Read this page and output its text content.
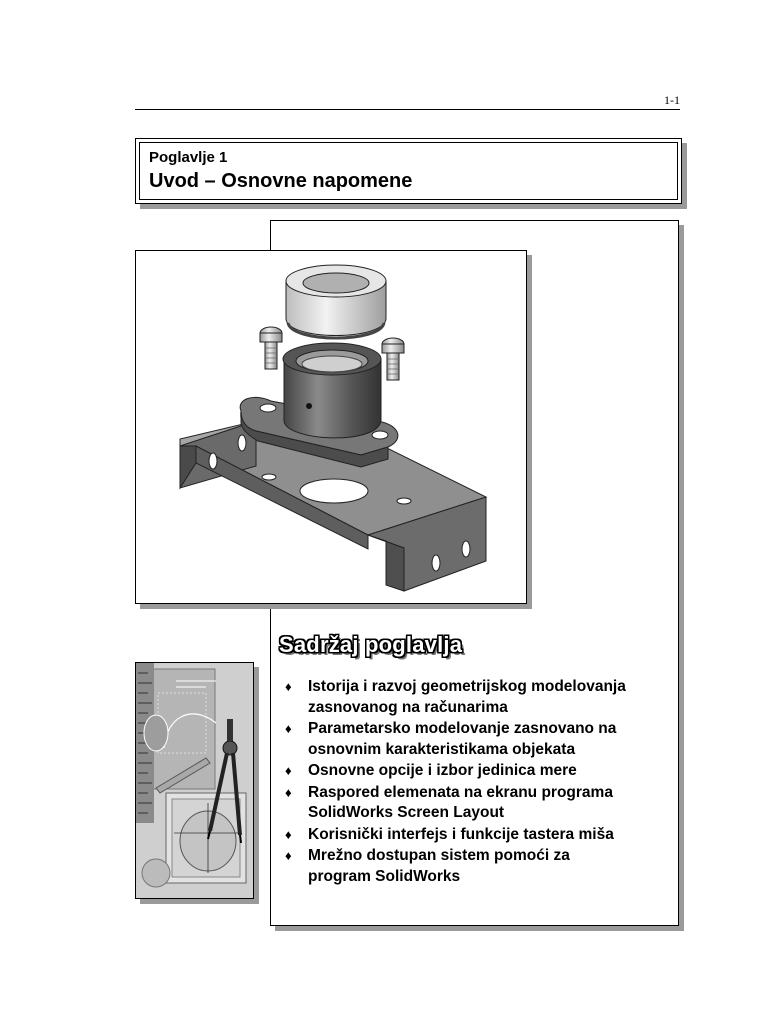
1-1
Poglavlje 1
Uvod – Osnovne napomene
Sadržaj poglavlja
♦ Istorija i razvoj geometrijskog modelovanja
zasnovanog na računarima
♦ Parametarsko modelovanje zasnovano na
osnovnim karakteristikama objekata
♦ Osnovne opcije i izbor jedinica mere
♦ Raspored elemenata na ekranu programa
SolidWorks Screen Layout
♦ Korisnički interfejs i funkcije tastera miša
♦ Mrežno dostupan sistem pomoći za
program SolidWorks
